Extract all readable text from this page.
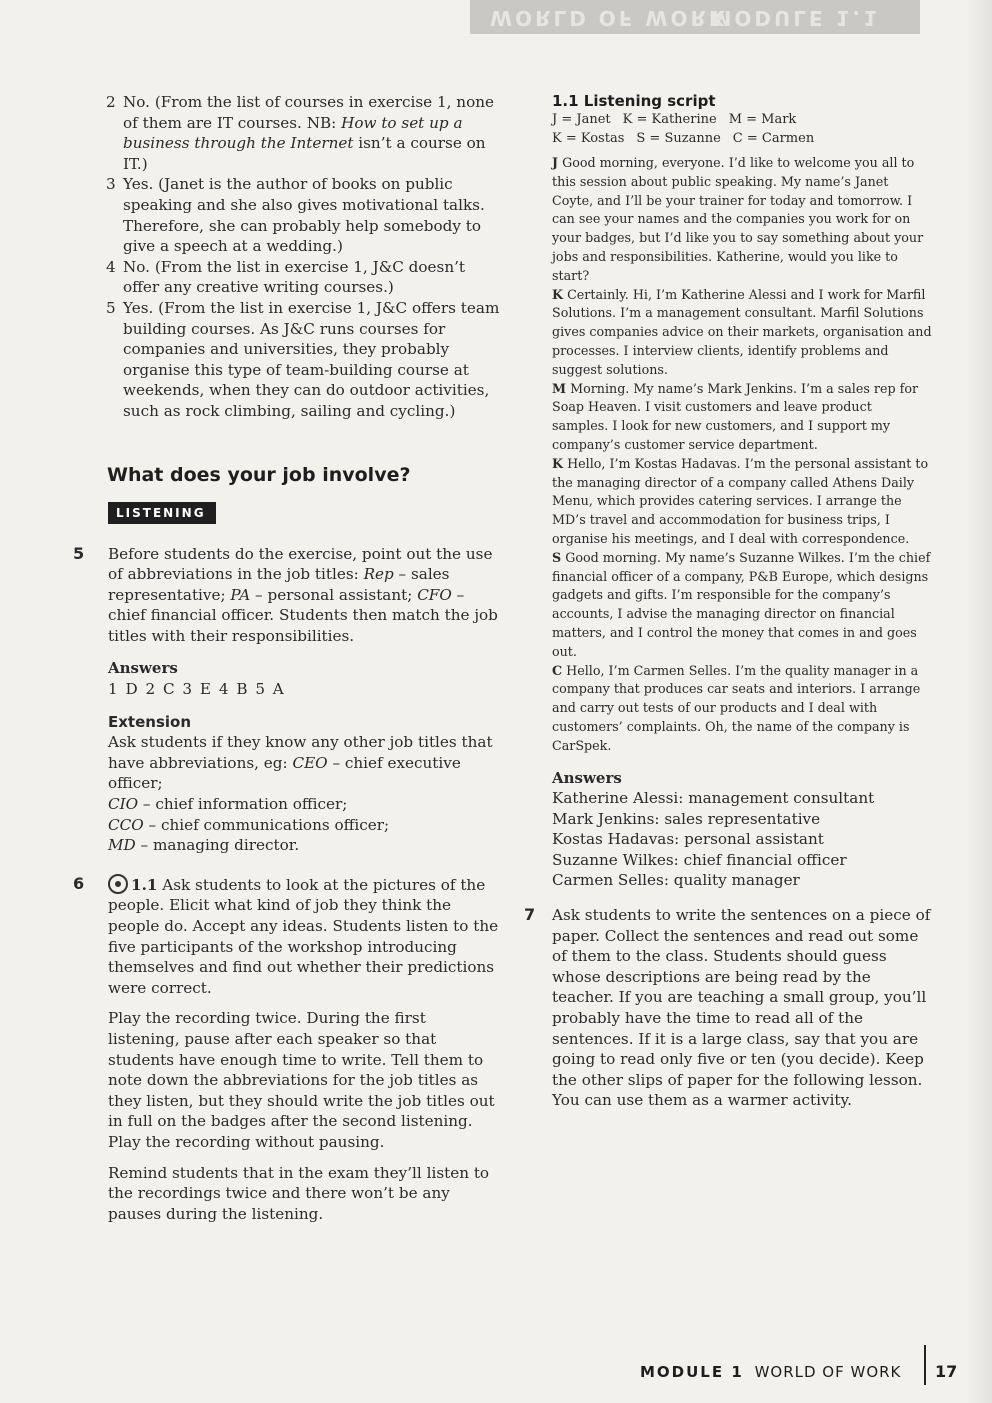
WORLD OF WORK
MODULE 1.1
2 No. (From the list of courses in exercise 1, none of them are IT courses. NB: How to set up a business through the Internet isn’t a course on IT.)
3 Yes. (Janet is the author of books on public speaking and she also gives motivational talks. Therefore, she can probably help somebody to give a speech at a wedding.)
4 No. (From the list in exercise 1, J&C doesn’t offer any creative writing courses.)
5 Yes. (From the list in exercise 1, J&C offers team building courses. As J&C runs courses for companies and universities, they probably organise this type of team-building course at weekends, when they can do outdoor activities, such as rock climbing, sailing and cycling.)
What does your job involve?
LISTENING
5 Before students do the exercise, point out the use of abbreviations in the job titles: Rep – sales representative; PA – personal assistant; CFO – chief financial officer. Students then match the job titles with their responsibilities.
Answers
1 D 2 C 3 E 4 B 5 A
Extension
Ask students if they know any other job titles that have abbreviations, eg: CEO – chief executive officer;
CIO – chief information officer;
CCO – chief communications officer;
MD – managing director.
6	1.1 Ask students to look at the pictures of the people. Elicit what kind of job they think the people do. Accept any ideas. Students listen to the five participants of the workshop introducing themselves and find out whether their predictions were correct.
Play the recording twice. During the first listening, pause after each speaker so that students have enough time to write. Tell them to note down the abbreviations for the job titles as they listen, but they should write the job titles out in full on the badges after the second listening. Play the recording without pausing.
Remind students that in the exam they’ll listen to the recordings twice and there won’t be any pauses during the listening.
1.1 Listening script
J = Janet K = Katherine M = Mark
K = Kostas S = Suzanne C = Carmen

J Good morning, everyone. I’d like to welcome you all to this session about public speaking. My name’s Janet Coyte, and I’ll be your trainer for today and tomorrow. I can see your names and the companies you work for on your badges, but I’d like you to say something about your jobs and responsibilities. Katherine, would you like to start?

K Certainly. Hi, I’m Katherine Alessi and I work for Marfil Solutions. I’m a management consultant. Marfil Solutions gives companies advice on their markets, organisation and processes. I interview clients, identify problems and suggest solutions.

M Morning. My name’s Mark Jenkins. I’m a sales rep for Soap Heaven. I visit customers and leave product samples. I look for new customers, and I support my company’s customer service department.

K Hello, I’m Kostas Hadavas. I’m the personal assistant to the managing director of a company called Athens Daily Menu, which provides catering services. I arrange the MD’s travel and accommodation for business trips, I organise his meetings, and I deal with correspondence.

S Good morning. My name’s Suzanne Wilkes. I’m the chief financial officer of a company, P&B Europe, which designs gadgets and gifts. I’m responsible for the company’s accounts, I advise the managing director on financial matters, and I control the money that comes in and goes out.

C Hello, I’m Carmen Selles. I’m the quality manager in a company that produces car seats and interiors. I arrange and carry out tests of our products and I deal with customers’ complaints. Oh, the name of the company is CarSpek.

Answers
Katherine Alessi: management consultant
Mark Jenkins: sales representative
Kostas Hadavas: personal assistant
Suzanne Wilkes: chief financial officer
Carmen Selles: quality manager
7 Ask students to write the sentences on a piece of paper. Collect the sentences and read out some of them to the class. Students should guess whose descriptions are being read by the teacher. If you are teaching a small group, you’ll probably have the time to read all of the sentences. If it is a large class, say that you are going to read only five or ten (you decide). Keep the other slips of paper for the following lesson. You can use them as a warmer activity.
MODULE 1 WORLD OF WORK 17
